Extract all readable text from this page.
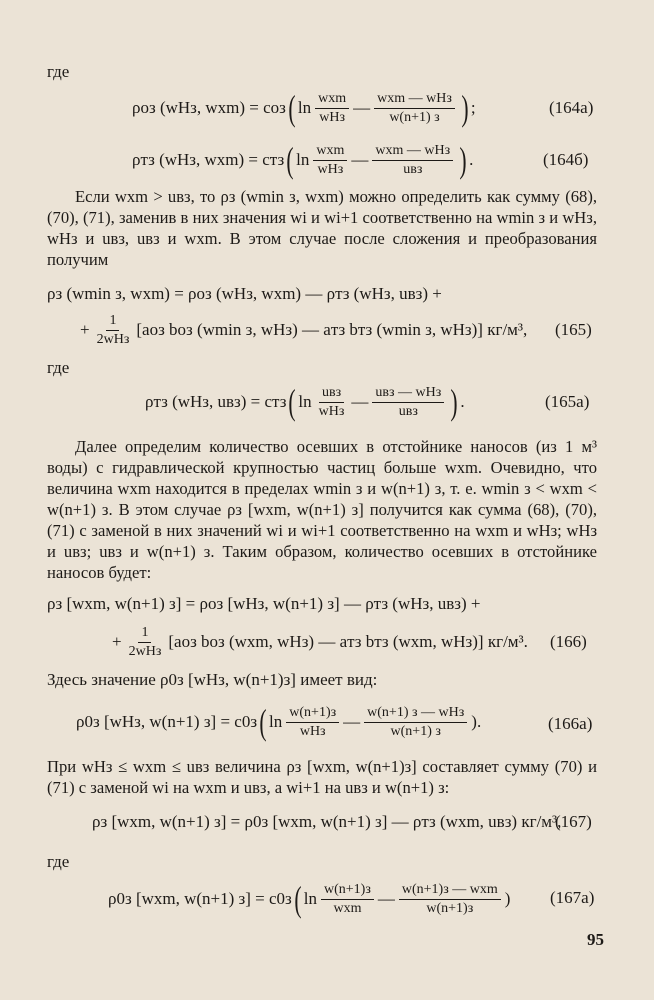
где
ρоз (wНз, wxm) = cоз ( $\ln \frac{\text{wxm}}{\text{wНз}}$ — $\frac{\text{wxm — wНз}}{w(n+1) з}$ ) ;	(164а)
ρтз (wНз, wxm) = cтз ( $\ln \frac{\text{wxm}}{\text{wНз}}$ — $\frac{\text{wxm — wНз}}{\text{uвз}}$ ) .	(164б)

Если wxm > uвз, то ρз (wmin з, wxm) можно определить как сумму (68), (70), (71), заменив в них значения wi и wi+1 соответственно на wmin з и wНз, wНз и uвз, uвз и wxm. В этом случае после сложения и преобразования получим

ρз (wmin з, wxm) = ρоз (wНз, wxm) — ρтз (wНз, uвз) +
+ $\frac{1}{\text{2wНз}} [aоз$ bоз (wmin з, wНз) — aтз bтз (wmin з, wНз)] кг/м³, (165)
где
ρтз (wНз, uвз) = cтз ( $\ln \frac{\text{uвз}}{\text{wНз}}$ — $\frac{\text{uвз — wНз}}{\text{uвз}}$ ) .	(165а)

Далее определим количество осевших в отстойнике наносов (из 1 м³ воды) с гидравлической крупностью частиц больше wxm. Очевидно, что величина wxm находится в пределах wmin з и w(n+1) з, т. е. wmin з < wxm < w(n+1) з. В этом случае ρз [wxm, w(n+1) з] получится как сумма (68), (70), (71) с заменой в них значений wi и wi+1 соответственно на wxm и wНз; wНз и uвз; uвз и w(n+1) з. Таким образом, количество осевших в отстойнике наносов будет:

ρз [wxm, w(n+1) з] = ρоз [wНз, w(n+1) з] — ρтз (wНз, uвз) +
+ $\frac{1}{\text{2wНз}} [aоз$ bоз (wxm, wНз) — aтз bтз (wxm, wНз)] кг/м³. (166)
Здесь значение ρ0з [wНз, w(n+1)з] имеет вид:
ρ0з [wНз, w(n+1) з] = c0з ( $\ln \frac{w(n+1)з}{\text{wНз}}$ — $\frac{\text{w(n+1) з — wНз}}{w(n+1) з}$ ).	(166а)

При wНз ≤ wxm ≤ uвз величина ρз [wxm, w(n+1)з] составляет сумму (70) и (71) с заменой wi на wxm и uвз, а wi+1 на uвз и w(n+1) з:

ρз [wxm, w(n+1) з] = ρ0з [wxm, w(n+1) з] — ρтз (wxm, uвз) кг/м³,
(167)
где
ρ0з [wxm, w(n+1) з] = c0з ( $\ln \frac{w(n+1)з}{\text{wxm}}$ — $\frac{\text{w(n+1)з — wxm}}{w(n+1)з}$ ) (167а)
95
